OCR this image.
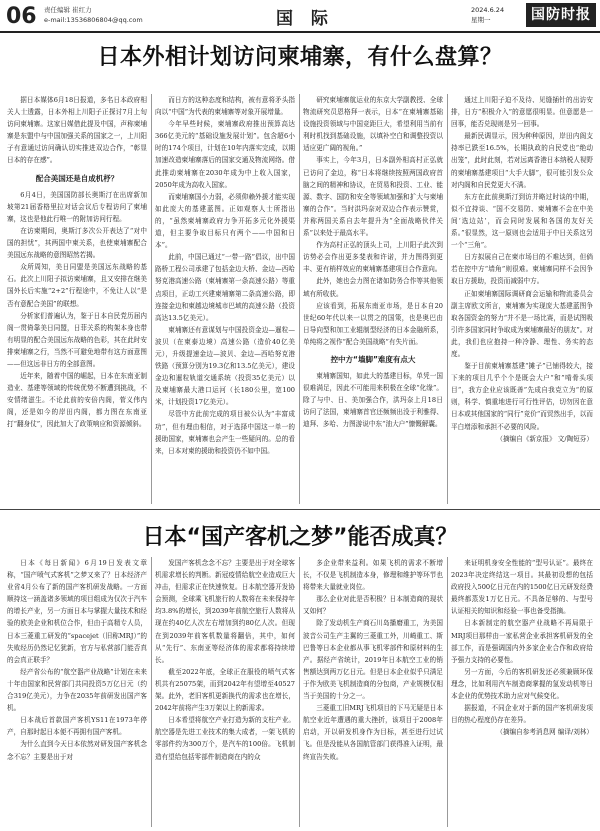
06 责任编辑 崔红力
e-mail:13536806804@qq.com	国 际	2024.6.24
星期一	国防时报
日本外相计划访问柬埔寨，有什么盘算？

据日本媒体6月18日报道，多名日本政府相关人士透露，日本外相上川阳子正探讨7月上旬访问柬埔寨。这家日媒借此提及中国，声称柬埔寨是东盟中与中国加强关系的国家之一，上川阳子有意通过访问确认切实推进双边合作，“彰显日本的存在感”。

配合美国还是自成机杼？

6月4日，美国国防部长奥斯汀在出席新加坡第21届香格里拉对话会议后专程访问了柬埔寨，这也是他此行唯一的附加访问行程。

在访柬期间，奥斯汀多次公开表达了“对中国的担忧”，其两国中柬关系，也使柬埔寨配合美国远东战略的意图昭然若揭。

众所周知，美日同盟是美国远东战略的基石。此次上川阳子拟访柬埔寨，且又安排在继美国外长后实施“2+2”行程途中，不免让人以“是否有意配合美国”的联想。

分析家们普遍认为，鉴于日本自民党历届内阁一贯倚靠美日同盟，日菲关系的构架本身也带有明显的配合美国远东战略的色彩，其在此时安排柬埔寨之行，当然不可避免地带有这方面意图——但这远非日方的全部意图。

近年来，随着中国的崛起，日本在东南亚制造业、基建等领域的传统优势不断遭到挑战，不安情绪滋生。不论此前的安倍内阁，菅义伟内阁，还是如今的岸田内阁，都力图在东南亚打“翻身仗”，因此加大了政策响应和资源倾斜。

而日方的这种态度和结构，被有意将矛头指向以“中国”为代表的柬埔寨等对象开展增量。

今年早些时候，柬埔寨政府推出预算高达366亿美元的“基础设施发展计划”。包含超6小时的174个项目，计划在10年内落实完成，以期加速改造柬埔寨落后的国家交通及物流网络。借此推动柬埔寨在2030年成为中上收入国家，2050年成为高收入国家。

而柬埔寨国小力弱，必须仰赖外援才能实现如此庞大的基建蓝图。正如观察人士所指出的，“虽然柬埔寨政府力争开拓多元化外援渠道，但主要争取目标只有两个——中国和日本”。

此前，中国已通过“一带一路”倡议，出中国路桥工程公司承建了包括金边大桥、金边—西哈努克港高速公路（柬埔寨第一条高速公路）等重点项目，正动工兴建柬埔寨第二条高速公路，即连接金边和柬越边境城市巴域的高速公路（投资高达13.5亿美元）。

柬埔寨还有意谋划与中国投资金边—暹粒—波贝（在柬泰边境）高速公路（造价40亿美元），升级提速金边—波贝、金边—西哈努克港铁路（预算分别为19.3亿和13.5亿美元），建设金边和暹粒轨道交通系统（投资35亿美元）以及柬埔寨最大港口运河（长180公里，宽100米，计划投资17亿美元）。

尽管中方此前完成的项目被公认为“丰富成功”，但有理由相信，对于选择中国这一单一的援助国家，柬埔寨也会产生一些疑问的。总的看来，日本对柬的援助和投资仍不如中国。

研究柬埔寨航运业的东京大学副教授、全球物流研究员恩格拜一表示，日本“在柬埔寨基础设施投资领域与中国竞距巨大，希望利用当前有利时机找到基础设施，以填补空白和调整投资以适应更广阔的视角。”

事实上，今年3月，日本副外相高村正弘就已访问了金边，称“日本将继续按照两国政府首脑之间的精神和协议，在贸易和投资、工业、能源、数字、国防和安全等领域加强和扩大与柬埔寨的合作”。当时洪玛奈对双边合作表示赞赏，并称两国关系自去年提升为“全面战略伙伴关系”以来处于最高水平。

作为高村正弘的顶头上司，上川阳子此次到访势必会作出更多斐表和许诺，并力图得到更丰、更有梢样效应的柬埔寨基建项目合作意向。

此外，她也会力图在诸如防务合作等其他领域有所收获。

应该看到，拓展东南亚市场，是日本自20世纪60年代以来一以贯之的国策，也是奥巴由日导向型和加工业辊制型经济的日本金融所系，单纯将之视作“配合美国战略”有失片面。

控中方“墙脚”难度有点大

柬埔寨国知，如此大的基建目标，单凭一国很难满足，因此不可能用来积极在全球“化缘”。除了与中、日、美加强合作，洪玛奈上月18日访问了法国，柬埔寨首官还频频出没于利雅得、迪拜、多哈、力图游说中东“油大户”慷慨解囊。

通过上川阳子迫不及待、见缝插针的出访安排，日方“积极介入”的意愿很明显。但意愿是一回事，能否兑现则是另一回事。

最新民调显示，因为种种原因，岸田内阁支持率已跌至16.5%，长期执政的自民党也“绝动出笼”，此时此刻，若对远离香港日本纳税人视野的柬埔寨基建项目“大手大脚”，很可能引发公众对内阁和自民党更大不满。

东方在此前奥斯汀到访并略过时谈的中期，似不宜持谈、“国不交易防、柬埔寨不会在中美间‘选边站’，而会同时发展和各国的友好关系。”很显然，这一原则也会适用于中日关系这另一个“三角”。

日方拟展自己在柬市场目的不难达到，但倘若在控中方“墙角”则很难。柬埔寨同样不会因争取日方援助，投资而减弱中方。

正如柬埔寨国际调研商会运输和物流委员会副主席欧文所言，柬埔寨为实现庞大基建蓝图争取各国资金的努力“并不是一场比赛，而是试图吸引许多国家同时争取成为柬埔寨最好的朋友”。对此，我们也应抱持一种冷静、理性、务实的态度。

鉴于目前柬埔寨基建“摊子”已铺得较大，接下来的项目几乎个个是既会大户“和”啃骨头项目“，我方企业应该既善”先成自我克立为“的原则，科学、慎重地进行可行性评估，切勿因在意日本或其他国家的“同行”竞价“而贸然出手，以而平白增添和承担不必要的风险。

（摘编自《新京报》 文/陶短芬）

日本“国产客机之梦”能否成真？

日本《每日新闻》6月19日发表文章称，“国产喷气式客机”之梦又来了？日本经济产业省4月公布了新的国产客机研发战略。一方面顺持这一涵盖诸多领域的项目组成为仅次于汽车的增长产业，另一方面日本与掌握大量技术和经验的欧美企业和机位合作，但由于高精专人员，日本三菱重工研发的“spacejet（旧称MRJ）”的失败经历仍然记忆犹新，官方与私营部门能否真的会真正联手？

经产省公布的“航空器产业战略”计划在未来十年由国家和民营部门共同投资5万亿日元（约合319亿美元），力争在2035年前研发出国产客机。

日本战后首款国产客机YS11在1973年停产，自那时起日本便不再拥有国产客机。

为什么直到今天日本依然对研发国产客机念念不忘？主要是出于对

发国产客机念念不忘？主要是出于对全球客机需求增长的判断。新冠疫情给航空业造成巨大冲击，但需求正在快速恢复。日本航空器开发协会预测，全球乘飞机旅行的人数将在未来保持年均3.8%的增长，到2039年前航空旅行人数将从现在约40亿人次左右增加到约80亿人次。但现在到2039年前客机数量将翻倍，其中，如何从“先行”、东南亚等经济体的需求都将持续增长。

截至2022年底，全球正在服役的喷气式客机共有25075架，而到2042年有望增至40527架。此外，老旧客机更新换代的需求也在增长，2042年前将产生3万架以上的新需求。

日本希望将航空产业打造为新的支柱产业。航空器是先进工业技术的集大成者，一架飞机的零部件约为300万个，是汽车的100倍。飞机制造有望给包括零部件制造商在内的众

多企业带来益利。如果飞机的需求不断增长，不仅是飞机制造本身，修理和维护等环节也将带来大量就业岗位。

那么企业对此是否积极？日本制造商的现状又如何？

除了发动机生产商石川岛播磨重工，为美国波音公司生产主翼的三菱重工外，川崎重工、斯巴鲁等日本企业都从事飞机零部件和原材料的生产。据经产省统计，2019年日本航空工业的销售额达到两万亿日元。但是日本企业似乎只满足于作为欧美飞机制造商的分包商，产业规模仅相当于美国的十分之一。

三菱重工旧MRJ飞机项目的下马无疑是日本航空业近年遭遇的重大挫折，该项目于2008年启动，开以研发机身作为目标，甚至进行过试飞。但是没能从各国航管部门获得准入证明，最终宣告失败。

来证明机身安全性能的“型号认证”。最终在2023年决定终结这一项目。其最初设想的包括政府投入500亿日元在内的1500亿日元研发经费最终都蒸发1万亿日元。不具备足够的、与型号认证相关的知识和经验一事也备受指摘。

日本新制定的航空器产业战略不再局限于MRJ项目那样由一家私营企业承担客机研发的全部工作，而是强调国内外多家企业合作和政府给予强力支持的必要性。

另一方面，今后的客机研发还必须兼顾环保理念，比如利用汽车制造商掌握的氢发动机等日本企业的优势技术助力应对气候变化。

据报道，不同企业对于新的国产客机研发项目的热心程度仍存在差异。

（摘编自参考消息网 编译/刘林）
